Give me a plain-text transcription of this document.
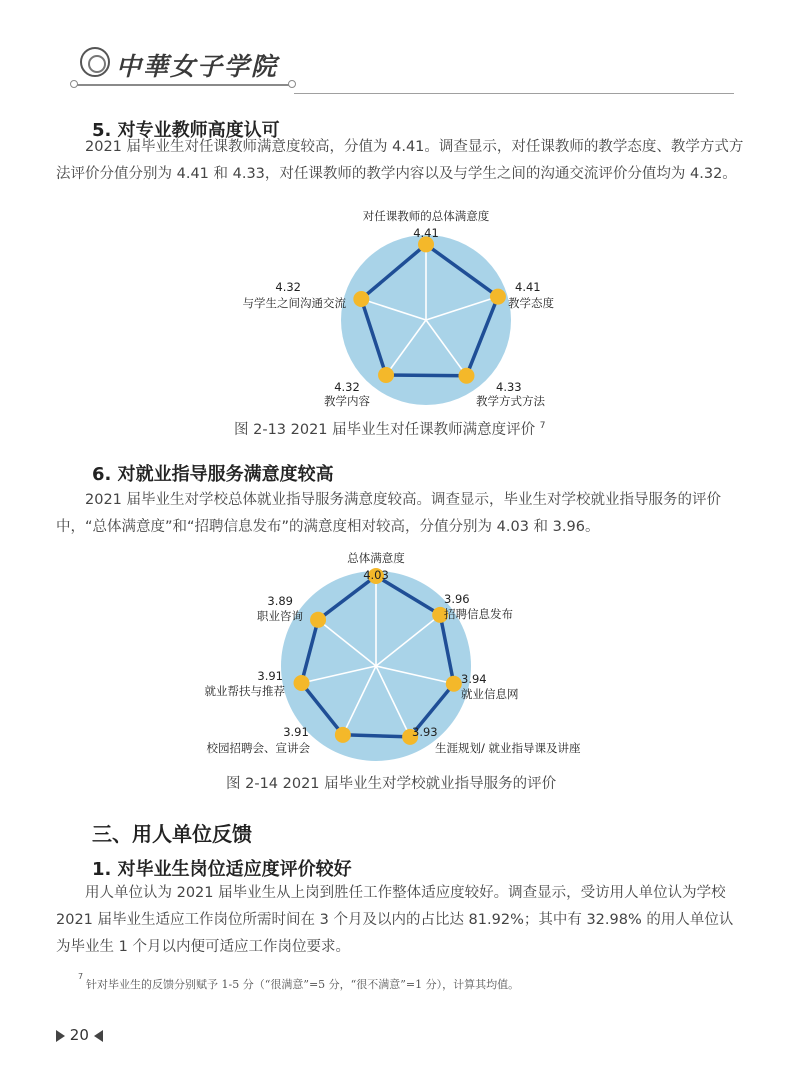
中華女子学院
5. 对专业教师高度认可

2021 届毕业生对任课教师满意度较高，分值为 4.41。调查显示，对任课教师的教学态度、教学方式方法评价分值分别为 4.41 和 4.33，对任课教师的教学内容以及与学生之间的沟通交流评价分值均为 4.32。

4.41
对任课教师的总体满意度
4.41
教学态度
4.33
教学方式方法
4.32
教学内容
4.32
与学生之间沟通交流
图 2-13 2021 届毕业生对任课教师满意度评价 $^7$
6. 对就业指导服务满意度较高

2021 届毕业生对学校总体就业指导服务满意度较高。调查显示，毕业生对学校就业指导服务的评价中，“总体满意度”和“招聘信息发布”的满意度相对较高，分值分别为 4.03 和 3.96。

4.03
总体满意度
3.96
招聘信息发布
3.94
就业信息网
3.93
生涯规划/ 就业指导课及讲座
3.91
校园招聘会、宣讲会
3.91
就业帮扶与推荐
3.89
职业咨询
图 2-14 2021 届毕业生对学校就业指导服务的评价
三、用人单位反馈
1. 对毕业生岗位适应度评价较好

用人单位认为 2021 届毕业生从上岗到胜任工作整体适应度较好。调查显示，受访用人单位认为学校 2021 届毕业生适应工作岗位所需时间在 3 个月及以内的占比达 81.92%；其中有 32.98% 的用人单位认为毕业生 1 个月以内便可适应工作岗位要求。

7
针对毕业生的反馈分别赋予 1-5 分（“很满意”=5 分，“很不满意”=1 分），计算其均值。
20
